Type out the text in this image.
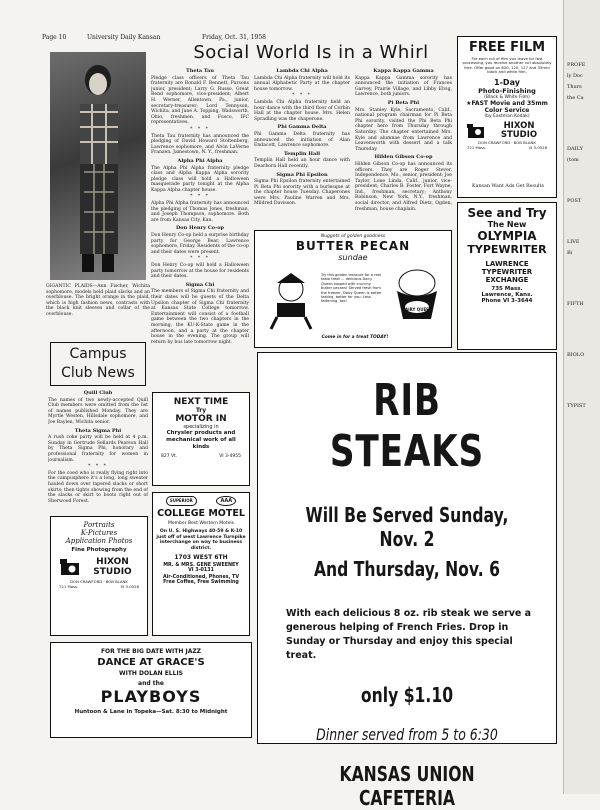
Page 10	University Daily Kansan	Friday, Oct. 31, 1958
Social World Is in a Whirl
GIGANTIC PLAIDS—Ann Fischer, Wichita sophomore, models held plaid slacks and an overblouse. The bright orange in the plaid, which is high fashion news, contrasts with the black knit sleeves and collar of the overblouse.
Theta Tau
Pledge class officers of Theta Tau fraternity are Ronald F. Bennett, Parsons junior, president; Larry G. Russo, Great Bend sophomore, vice-president; Albert H. Werner, Allentown, Pa., junior, secretary-treasurer; Lord Tennyson, Wichita, and Jane A. Topping, Wadsworth, Ohio, freshmen, and Fusco, IFC representatives.
* * *
Theta Tau fraternity has announced the pledging of David Howard Stoltenberg, Lawrence sophomore, and Alvin LaVerne Franzen, Jamestown, N. Y., freshman.
Alpha Phi Alpha
The Alpha Phi Alpha fraternity pledge class and Alpha Kappa Alpha sorority pledge class will hold a Halloween masquerade party tonight at the Alpha Kappa Alpha chapter house.
* * *
Alpha Phi Alpha fraternity has announced the pledging of Thomas Jones, freshman, and Joseph Thompson, sophomore. Both are from Kansas City, Kan.
Don Henry Co-op
Don Henry Co-op held a surprise birthday party for George Bear, Lawrence sophomore, Friday. Residents of the co-op and their dates were present.
* * *
Don Henry Co-op will hold a Halloween party tomorrow at the house for residents and their dates.
Sigma Chi
The members of Sigma Chi fraternity and their dates will be guests of the Delta Upsilon chapter of Sigma Chi fraternity at Kansas State College tomorrow. Entertainment will consist of a football game between the two chapters in the morning, the KU-K-State game in the afternoon, and a party at the chapter house in the evening. The group will return by bus late tomorrow night.
Lambda Chi Alpha
Lambda Chi Alpha fraternity will hold its annual Alphabetic Party at the chapter house tomorrow.
* * *
Lambda Chi Alpha fraternity held an hour dance with the third floor of Corbin Hall at the chapter house. Mrs. Helen Spradling was the chaperone.
Phi Gamma Delta
Phi Gamma Delta fraternity has announced the initiation of Alan Endacott, Lawrence sophomore.
Templin Hall
Templin Hall held an hour dance with Dearborn Hall recently.
Sigma Phi Epsilon
Sigma Phi Epsilon fraternity entertained Pi Beta Phi sorority with a burlesque at the chapter house Tuesday. Chaperones were Mrs. Pauline Warren and Mrs. Mildred Davisson.
Kappa Kappa Gamma
Kappa Kappa Gamma sorority has announced the initiation of Frances Garvey, Prairie Village, and Libby Elvig, Lawrence, both juniors.
Pi Beta Phi
Mrs. Stanley Kyle, Sacramento, Calif., national program chairman for Pi Beta Phi sorority, visited the Phi Beta Phi chapter here from Thursday through Saturday. The chapter entertained Mrs. Kyle and alumnae from Lawrence and Leavenworth with dessert and a talk Thursday.
Hilden Gibson Co-op
Hilden Gibson Co-op has announced its officers. They are Roger Stever, Independence, Mo., senior, president; Joe Taylor, Lone Linda, Calif., junior, vice-president; Charles B. Foster, Fort Wayne, Ind., freshman, secretary; Anthony Robinson, New York, N.Y., freshman, social director, and Alfred Dietz, Ogden, freshman, house chaplain.
FREE FILM
For each roll of film you leave for fast processing, you receive another roll absolutely free. Offer good on 620, 120, 127 and 35mm black and white film.
1-Day
Photo-Finishing
(Black & White Film)
★FAST Movie and 35mm
Color Service
(by Eastman Kodak)
HIXON STUDIO
DON CRAWFORD · BOB BLANK
721 Mass.	VI 3-0528
Kansan Want Ads Get Results
See and Try
The New
OLYMPIA
TYPEWRITER
LAWRENCE
TYPEWRITER
EXCHANGE
735 Mass.
Lawrence, Kans.
Phone VI 3-3644
Nuggets of golden goodness
BUTTER PECAN
sundae
Try this golden treasure for a real taste treat ... delicious Dairy Queen topped with crunchy butter pecans! Served fresh from the freezer, Dairy Queen is better tasting, better for you. Less fattening, too!
DAIRY QUEEN
Come in for a treat TODAY!
Campus Club News
Quill Club
The names of two newly-accepted Quill Club members were omitted from the list of names published Monday. They are Myrtle Westen, Hillsdale sophomore, and Joe Baylen, Wichita senior.
Theta Sigma Phi
A rush coke party will be held at 4 p.m. Sunday in Gertrude Sellards Pearson Hall by Theta Sigma Phi, honorary and professional fraternity for women in journalism.
* * *
For the coed who is really flying right into the campusphere it's a long, long sweater hauled down over tapered slacks or short skirts; then tights showing from the end of the slacks or skirt to boots right out of Sherwood Forest.
NEXT TIME
Try
MOTOR IN
specializing in
Chrysler products and mechanical work of all kinds
827 Vt.	VI 3-4955
SUPERIOR	AAA
COLLEGE MOTEL
Member Best Western Motels
On U. S. Highways 40-59 & K-10 just off of west Lawrence Turnpike interchange on way to business district.
1703 WEST 6TH
MR. & MRS. GENE SWEENEY
VI 3-0131
Air-Conditioned, Phones, TV
Free Coffee, Free Swimming
Portraits
K-Pictures
Application Photos
Fine Photography
HIXON STUDIO
DON CRAWFORD · BOB BLANK
721 Mass.	VI 3-0528
FOR THE BIG DATE WITH JAZZ
DANCE AT GRACE'S
WITH DOLAN ELLIS
and the
PLAYBOYS
Huntoon & Lane in Topeka—Sat. 8:30 to Midnight
RIB STEAKS
Will Be Served Sunday, Nov. 2
And Thursday, Nov. 6
With each delicious 8 oz. rib steak we serve a generous helping of French Fries. Drop in Sunday or Thursday and enjoy this special treat.
only $1.10
Dinner served from 5 to 6:30
KANSAS UNION CAFETERIA
PROFE
ly Doc
Thurs
the Ca
DAILY
(tom
POST
LIVE
Bi
FIFTH
BIOLO
TYPIST
